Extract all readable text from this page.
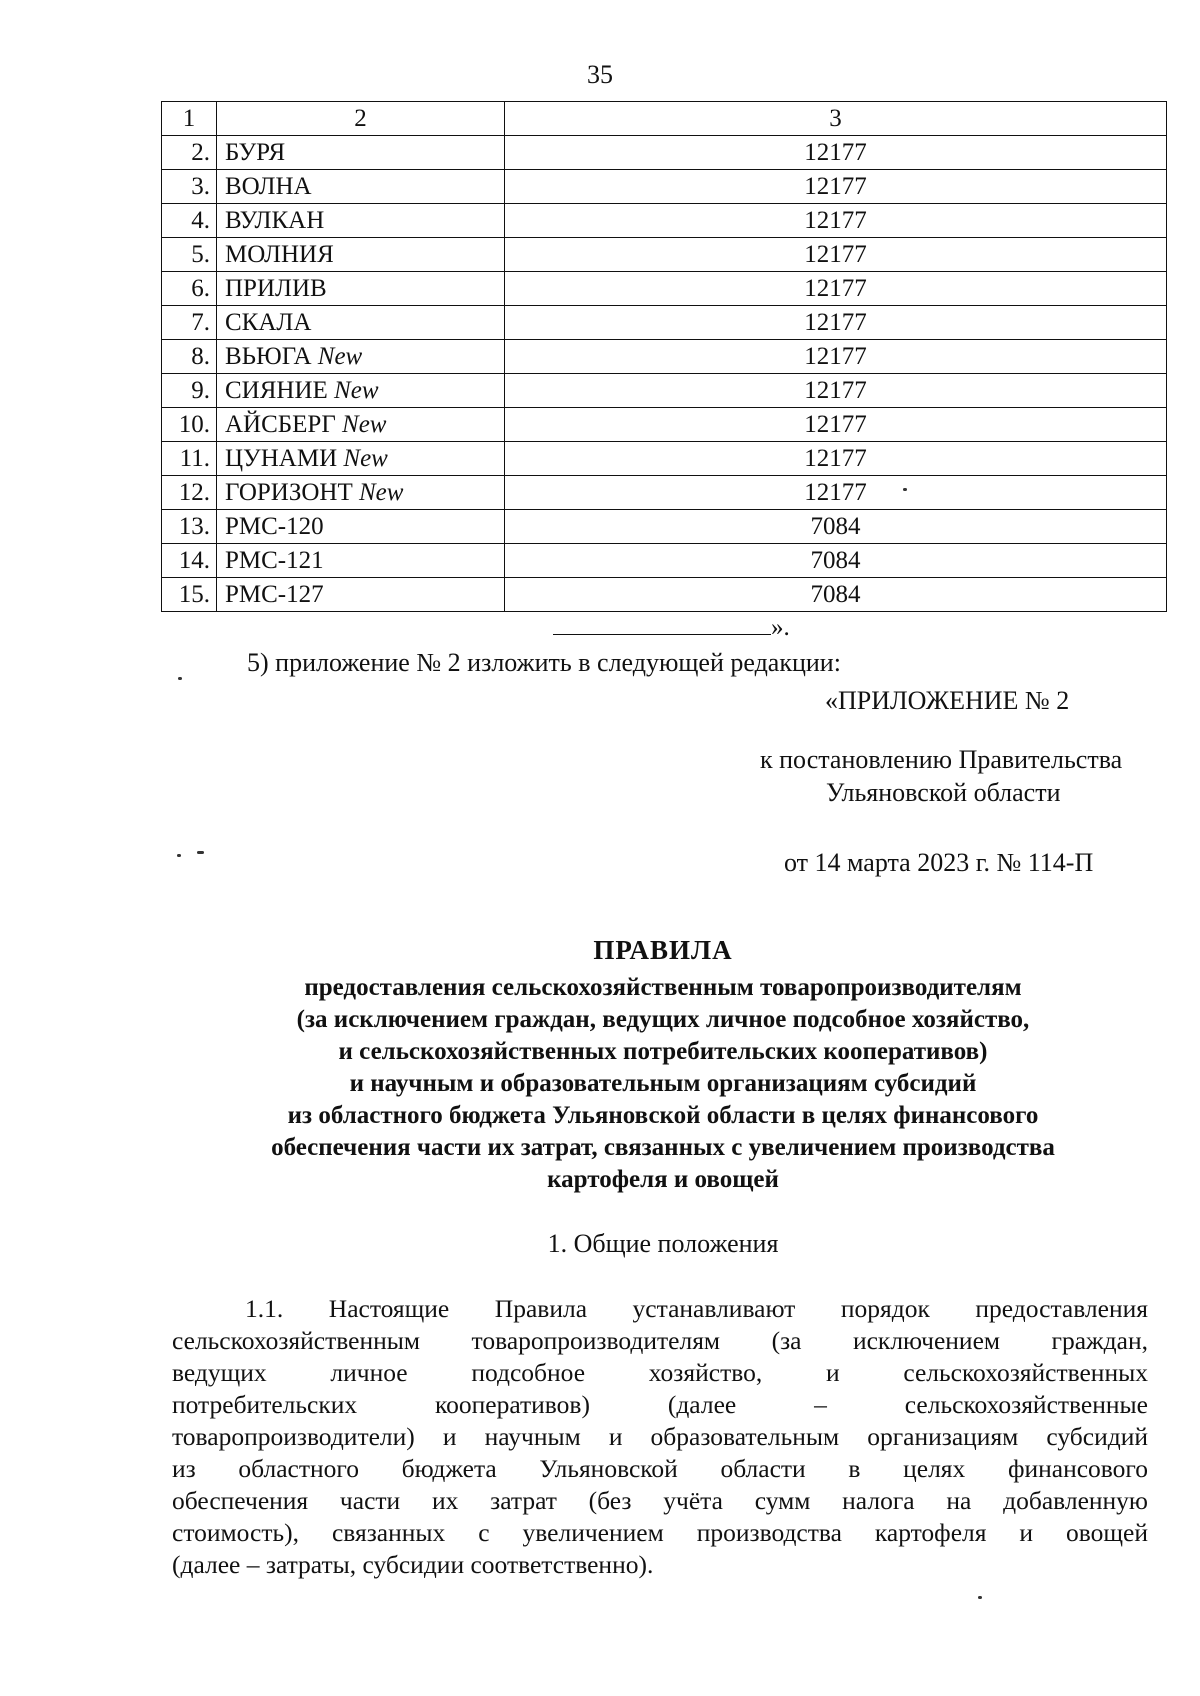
35
1	2	3
2.	БУРЯ	12177
3.	ВОЛНА	12177
4.	ВУЛКАН	12177
5.	МОЛНИЯ	12177
6.	ПРИЛИВ	12177
7.	СКАЛА	12177
8.	ВЬЮГА New	12177
9.	СИЯНИЕ New	12177
10.	АЙСБЕРГ New	12177
11.	ЦУНАМИ New	12177
12.	ГОРИЗОНТ New	12177
13.	РМС-120	7084
14.	РМС-121	7084
15.	РМС-127	7084
».
5) приложение № 2 изложить в следующей редакции:
«ПРИЛОЖЕНИЕ № 2
к постановлению Правительства
Ульяновской области
от 14 марта 2023 г. № 114-П
ПРАВИЛА
предоставления сельскохозяйственным товаропроизводителям
(за исключением граждан, ведущих личное подсобное хозяйство,
и сельскохозяйственных потребительских кооперативов)
и научным и образовательным организациям субсидий
из областного бюджета Ульяновской области в целях финансового
обеспечения части их затрат, связанных с увеличением производства
картофеля и овощей
1. Общие положения
1.1. Настоящие Правила устанавливают порядок предоставления
сельскохозяйственным товаропроизводителям (за исключением граждан,
ведущих личное подсобное хозяйство, и сельскохозяйственных
потребительских кооперативов) (далее – сельскохозяйственные
товаропроизводители) и научным и образовательным организациям субсидий
из областного бюджета Ульяновской области в целях финансового
обеспечения части их затрат (без учёта сумм налога на добавленную
стоимость), связанных с увеличением производства картофеля и овощей
(далее – затраты, субсидии соответственно).
